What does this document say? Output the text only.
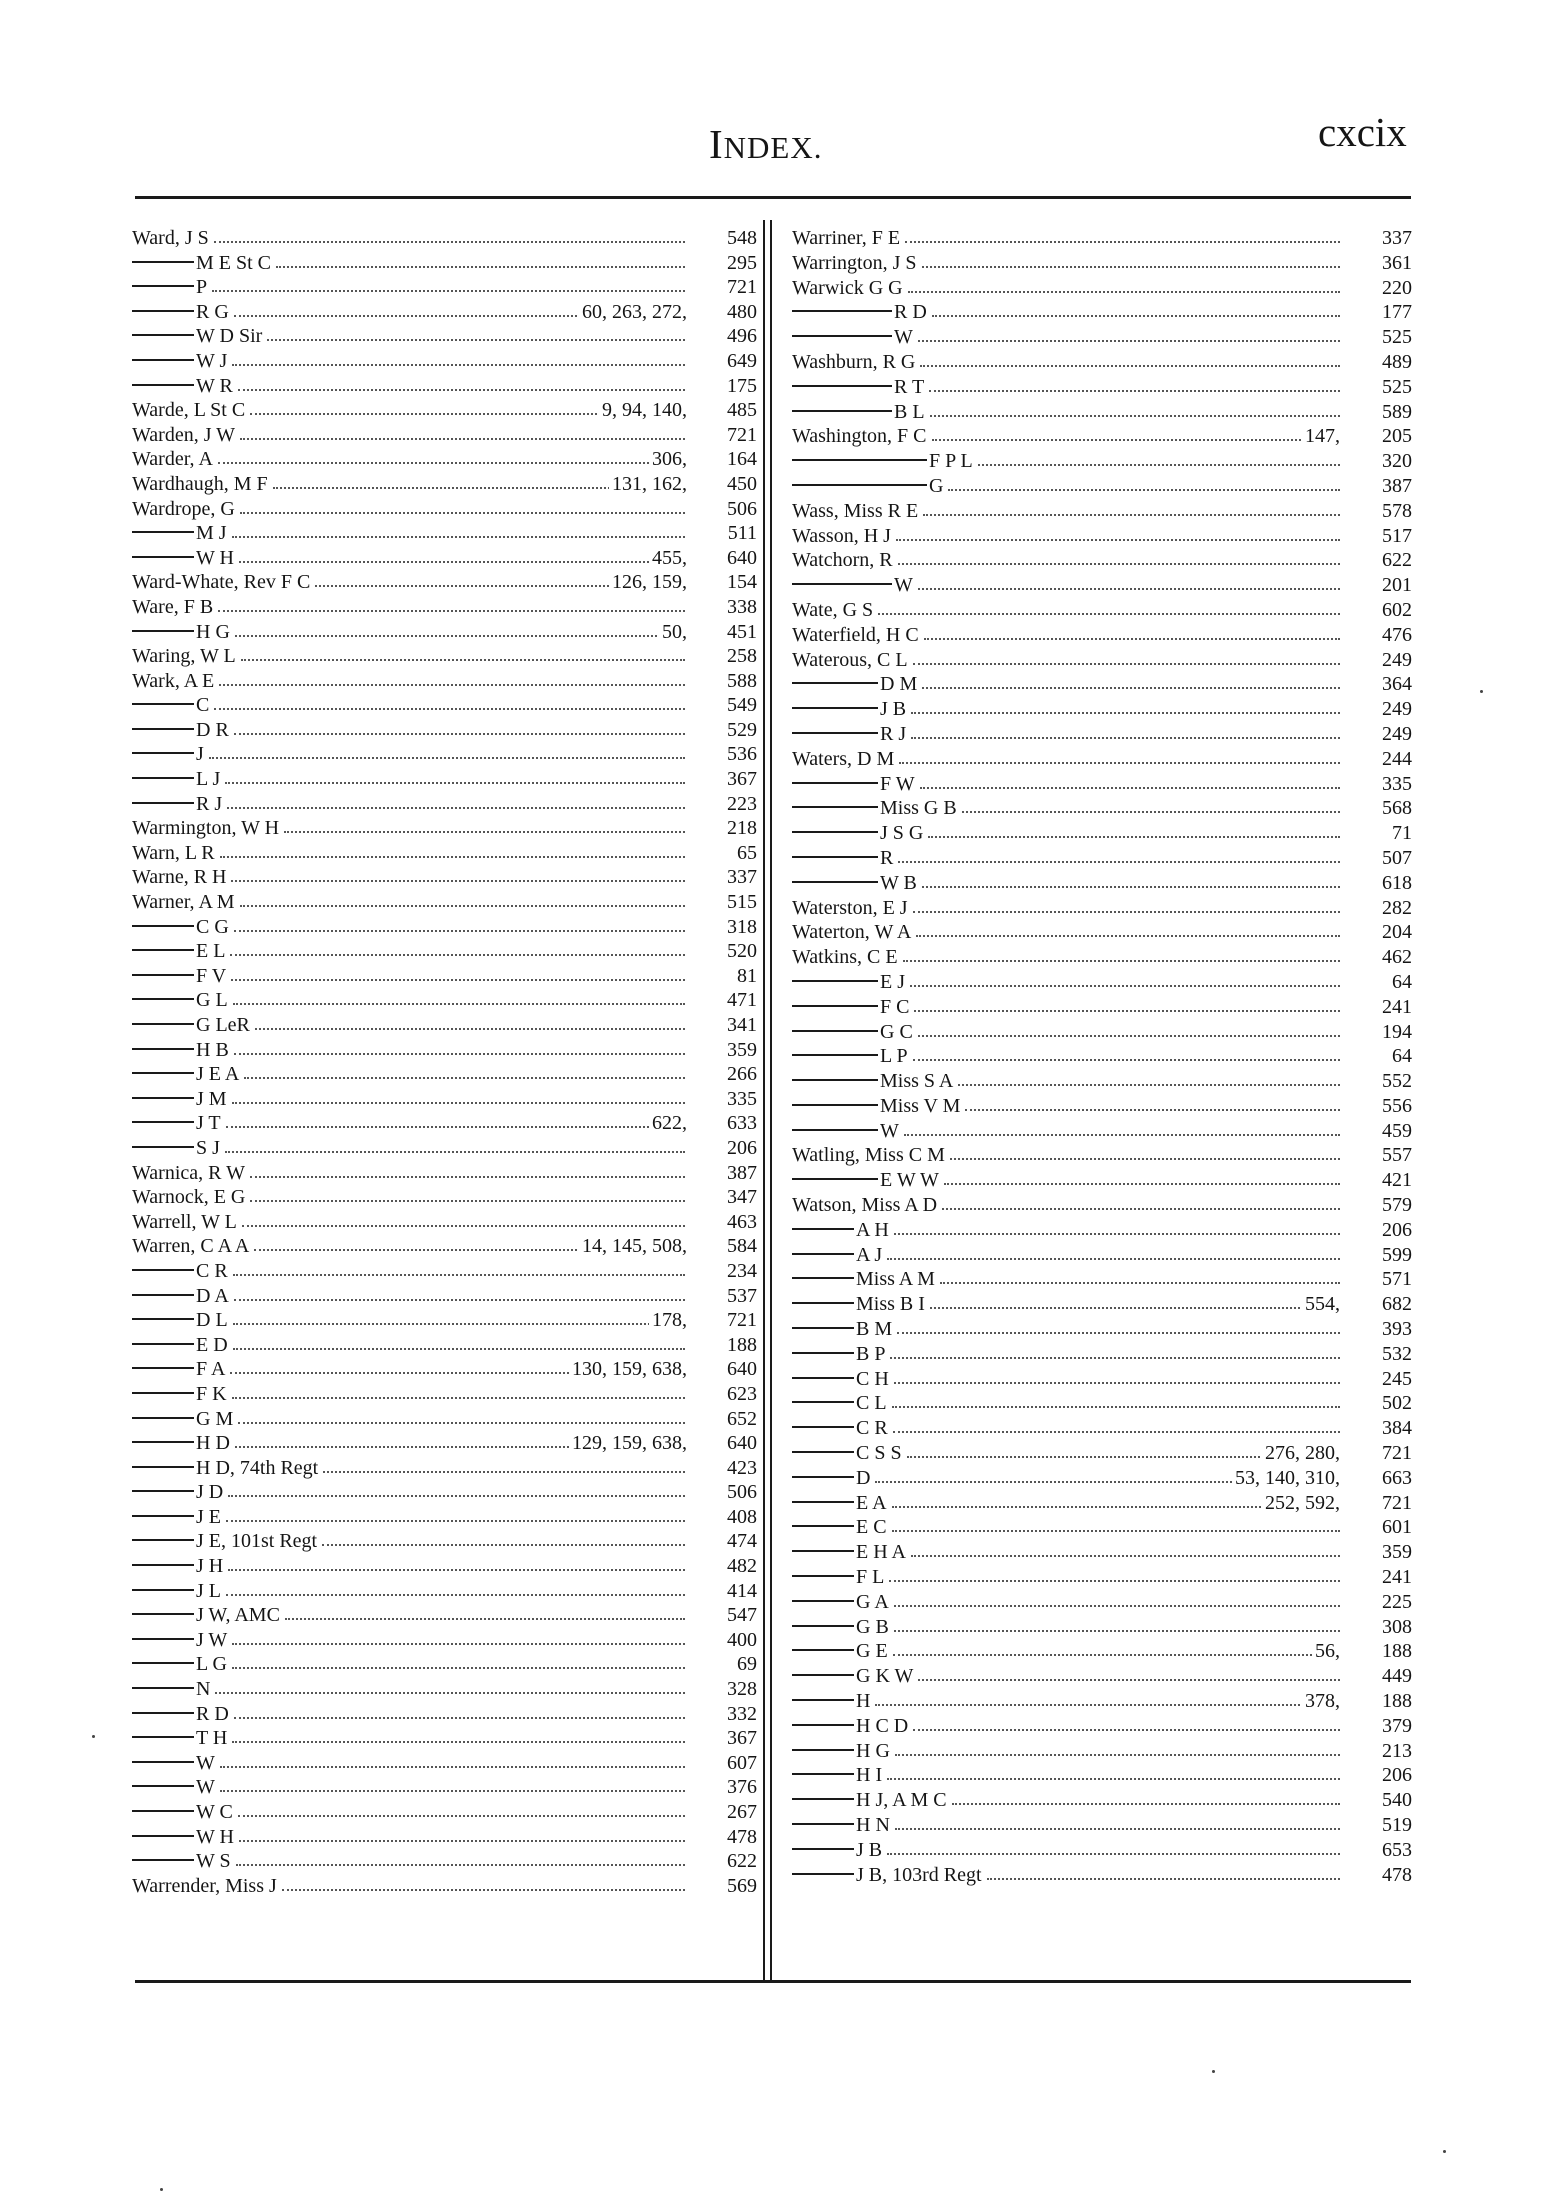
INDEX.	cxcix
Ward, J S	548
M E St C	295
P	721
R G	60, 263, 272, 480
W D Sir	496
W J	649
W R	175
Warde, L St C	9, 94, 140, 485
Warden, J W	721
Warder, A	306, 164
Wardhaugh, M F	131, 162, 450
Wardrope, G	506
M J	511
W H	455, 640
Ward-Whate, Rev F C	126, 159, 154
Ware, F B	338
H G	50, 451
Waring, W L	258
Wark, A E	588
C	549
D R	529
J	536
L J	367
R J	223
Warmington, W H	218
Warn, L R	65
Warne, R H	337
Warner, A M	515
C G	318
E L	520
F V	81
G L	471
G LeR	341
H B	359
J E A	266
J M	335
J T	622, 633
S J	206
Warnica, R W	387
Warnock, E G	347
Warrell, W L	463
Warren, C A A	14, 145, 508, 584
C R	234
D A	537
D L	178, 721
E D	188
F A	130, 159, 638, 640
F K	623
G M	652
H D	129, 159, 638, 640
H D, 74th Regt	423
J D	506
J E	408
J E, 101st Regt	474
J H	482
J L	414
J W, AMC	547
J W	400
L G	69
N	328
R D	332
T H	367
W	607
W	376
W C	267
W H	478
W S	622
Warrender, Miss J	569
Warriner, F E	337
Warrington, J S	361
Warwick G G	220
R D	177
W	525
Washburn, R G	489
R T	525
B L	589
Washington, F C	147, 205
F P L	320
G	387
Wass, Miss R E	578
Wasson, H J	517
Watchorn, R	622
W	201
Wate, G S	602
Waterfield, H C	476
Waterous, C L	249
D M	364
J B	249
R J	249
Waters, D M	244
F W	335
Miss G B	568
J S G	71
R	507
W B	618
Waterston, E J	282
Waterton, W A	204
Watkins, C E	462
E J	64
F C	241
G C	194
L P	64
Miss S A	552
Miss V M	556
W	459
Watling, Miss C M	557
E W W	421
Watson, Miss A D	579
A H	206
A J	599
Miss A M	571
Miss B I	554, 682
B M	393
B P	532
C H	245
C L	502
C R	384
C S S	276, 280, 721
D	53, 140, 310, 663
E A	252, 592, 721
E C	601
E H A	359
F L	241
G A	225
G B	308
G E	56, 188
G K W	449
H	378, 188
H C D	379
H G	213
H I	206
H J, A M C	540
H N	519
J B	653
J B, 103rd Regt	478
